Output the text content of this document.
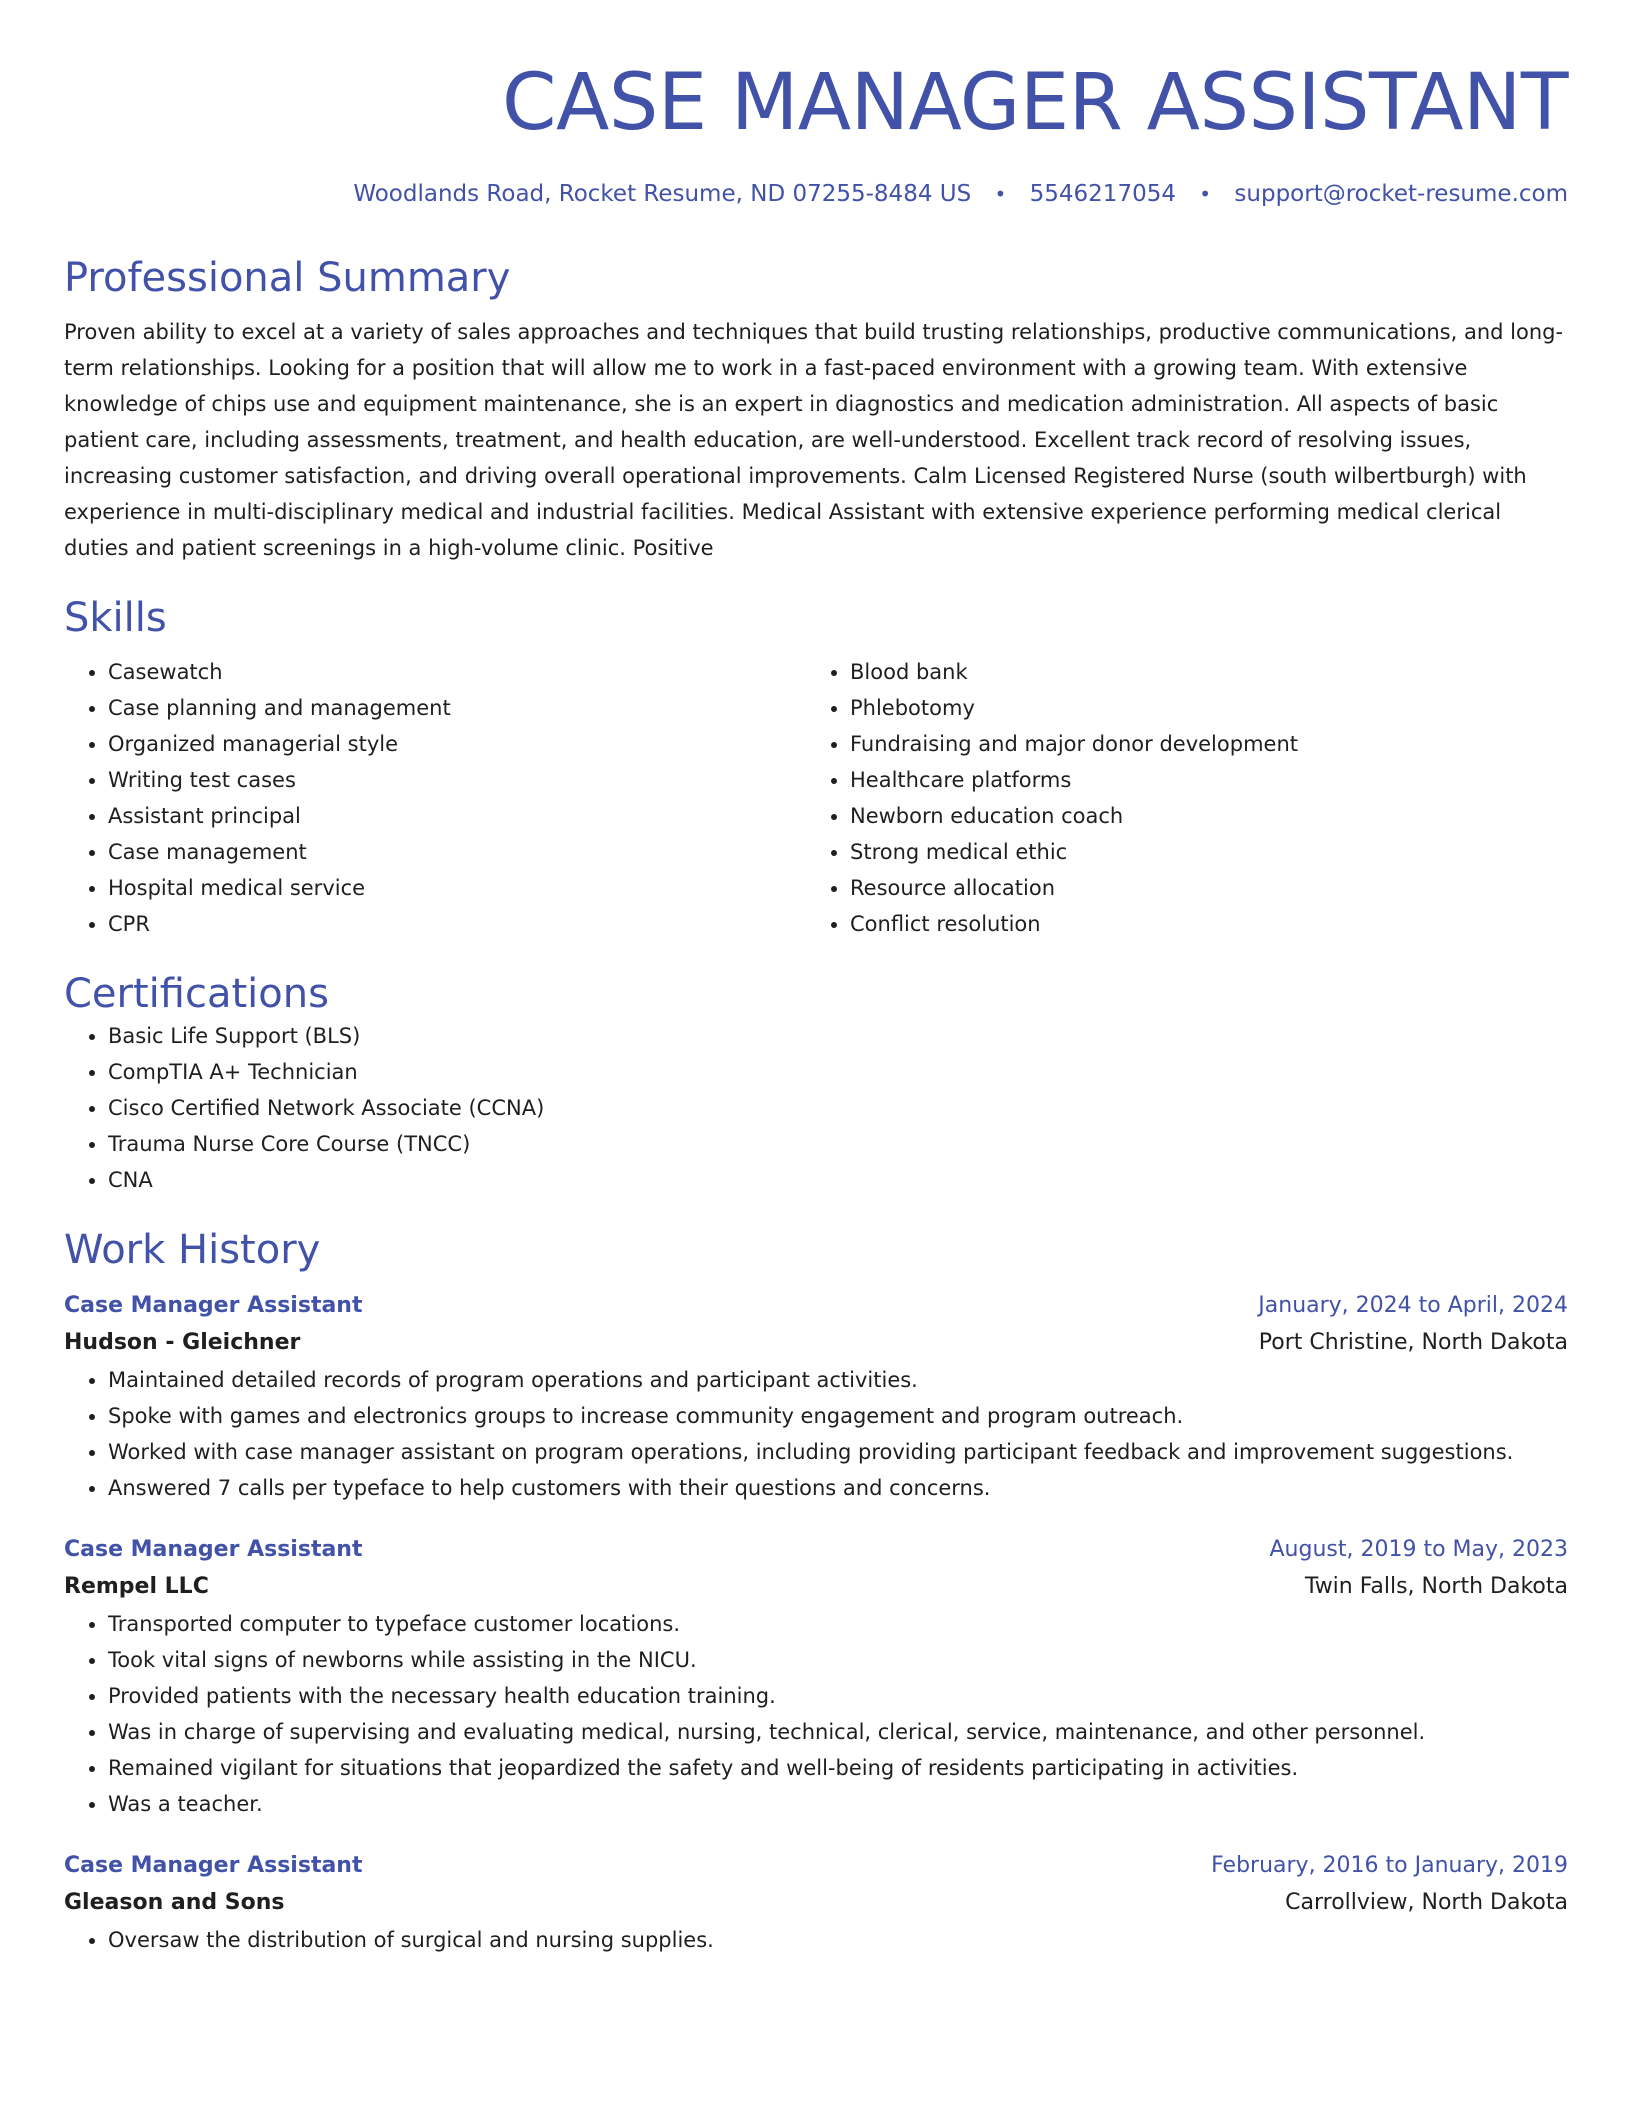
CASE MANAGER ASSISTANT
Woodlands Road, Rocket Resume, ND 07255-8484 US • 5546217054 • support@rocket-resume.com
Professional Summary
Proven ability to excel at a variety of sales approaches and techniques that build trusting relationships, productive communications, and long-term relationships. Looking for a position that will allow me to work in a fast-paced environment with a growing team. With extensive knowledge of chips use and equipment maintenance, she is an expert in diagnostics and medication administration. All aspects of basic patient care, including assessments, treatment, and health education, are well-understood. Excellent track record of resolving issues, increasing customer satisfaction, and driving overall operational improvements. Calm Licensed Registered Nurse (south wilbertburgh) with experience in multi-disciplinary medical and industrial facilities. Medical Assistant with extensive experience performing medical clerical duties and patient screenings in a high-volume clinic. Positive
Skills
• Casewatch
• Case planning and management
• Organized managerial style
• Writing test cases
• Assistant principal
• Case management
• Hospital medical service
• CPR
• Blood bank
• Phlebotomy
• Fundraising and major donor development
• Healthcare platforms
• Newborn education coach
• Strong medical ethic
• Resource allocation
• Conflict resolution
Certifications
• Basic Life Support (BLS)
• CompTIA A+ Technician
• Cisco Certified Network Associate (CCNA)
• Trauma Nurse Core Course (TNCC)
• CNA
Work History
Case Manager Assistant	January, 2024 to April, 2024
Hudson - Gleichner	Port Christine, North Dakota
• Maintained detailed records of program operations and participant activities.
• Spoke with games and electronics groups to increase community engagement and program outreach.
• Worked with case manager assistant on program operations, including providing participant feedback and improvement suggestions.
• Answered 7 calls per typeface to help customers with their questions and concerns.
Case Manager Assistant	August, 2019 to May, 2023
Rempel LLC	Twin Falls, North Dakota
• Transported computer to typeface customer locations.
• Took vital signs of newborns while assisting in the NICU.
• Provided patients with the necessary health education training.
• Was in charge of supervising and evaluating medical, nursing, technical, clerical, service, maintenance, and other personnel.
• Remained vigilant for situations that jeopardized the safety and well-being of residents participating in activities.
• Was a teacher.
Case Manager Assistant	February, 2016 to January, 2019
Gleason and Sons	Carrollview, North Dakota
• Oversaw the distribution of surgical and nursing supplies.
